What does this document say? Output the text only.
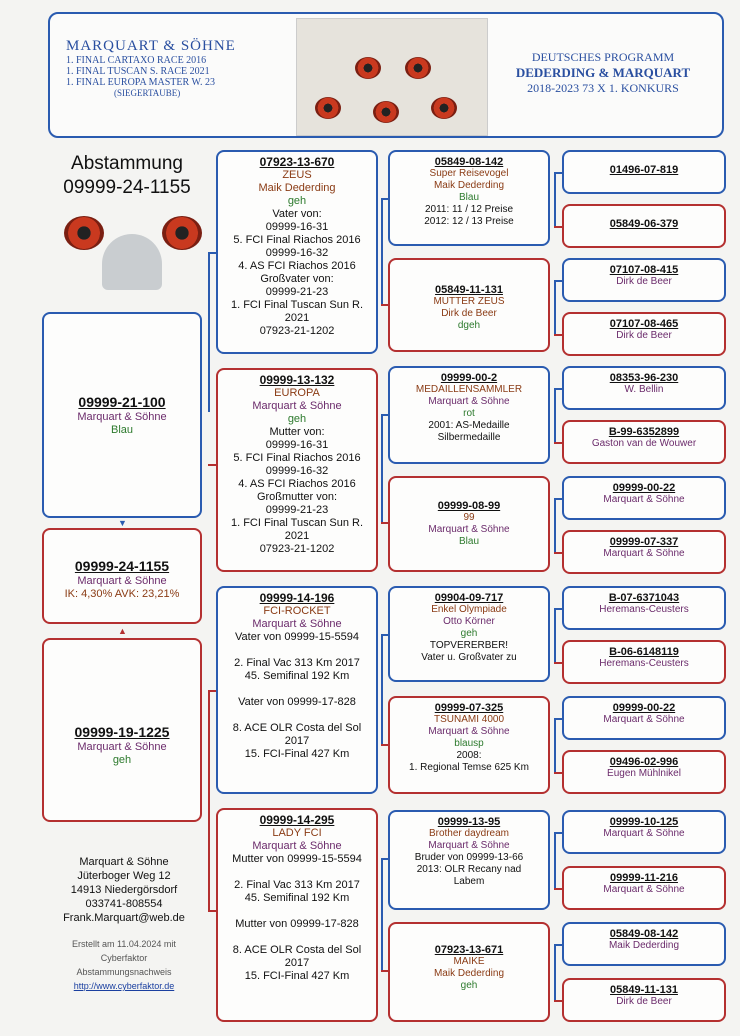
MARQUART & SÖHNE
1. FINAL CARTAXO RACE 2016
1. FINAL TUSCAN S. RACE 2021
1. FINAL EUROPA MASTER W. 23
(SIEGERTAUBE)
DEUTSCHES PROGRAMM
DEDERDING & MARQUART
2018-2023 73 X 1. KONKURS
Abstammung
09999-24-1155
09999-21-100
Marquart & Söhne
Blau
09999-24-1155
Marquart & Söhne
IK: 4,30% AVK: 23,21%
09999-19-1225
Marquart & Söhne
geh
▼
▲
07923-13-670
ZEUS
Maik Dederding
geh
Vater von:
09999-16-31
5. FCI Final Riachos 2016
09999-16-32
4. AS FCI Riachos 2016
Großvater von:
09999-21-23
1. FCI Final Tuscan Sun R.
2021
07923-21-1202
09999-13-132
EUROPA
Marquart & Söhne
geh
Mutter von:
09999-16-31
5. FCI Final Riachos 2016
09999-16-32
4. AS FCI Riachos 2016
Großmutter von:
09999-21-23
1. FCI Final Tuscan Sun R.
2021
07923-21-1202
09999-14-196
FCI-ROCKET
Marquart & Söhne
Vater von 09999-15-5594

2. Final Vac 313 Km 2017
45. Semifinal 192 Km

Vater von 09999-17-828

8. ACE OLR Costa del Sol
2017
15. FCI-Final 427 Km
09999-14-295
LADY FCI
Marquart & Söhne
Mutter von 09999-15-5594

2. Final Vac 313 Km 2017
45. Semifinal 192 Km

Mutter von 09999-17-828

8. ACE OLR Costa del Sol
2017
15. FCI-Final 427 Km
05849-08-142
Super Reisevogel
Maik Dederding
Blau
2011: 11 / 12 Preise
2012: 12 / 13 Preise
05849-11-131
MUTTER ZEUS
Dirk de Beer
dgeh
09999-00-2
MEDAILLENSAMMLER
Marquart & Söhne
rot
2001: AS-Medaille
Silbermedaille
09999-08-99
99
Marquart & Söhne
Blau
09904-09-717
Enkel Olympiade
Otto Körner
geh
TOPVERERBER!
Vater u. Großvater zu
09999-07-325
TSUNAMI 4000
Marquart & Söhne
blausp
2008:
1. Regional Temse 625 Km
09999-13-95
Brother daydream
Marquart & Söhne
Bruder von 09999-13-66
2013: OLR Recany nad
Labem
07923-13-671
MAIKE
Maik Dederding
geh
01496-07-819
05849-06-379
07107-08-415
Dirk de Beer
07107-08-465
Dirk de Beer
08353-96-230
W. Bellin
B-99-6352899
Gaston van de Wouwer
09999-00-22
Marquart & Söhne
09999-07-337
Marquart & Söhne
B-07-6371043
Heremans-Ceusters
B-06-6148119
Heremans-Ceusters
09999-00-22
Marquart & Söhne
09496-02-996
Eugen Mühlnikel
09999-10-125
Marquart & Söhne
09999-11-216
Marquart & Söhne
05849-08-142
Maik Dederding
05849-11-131
Dirk de Beer
Marquart & Söhne
Jüterboger Weg 12
14913 Niedergörsdorf
033741-808554
Frank.Marquart@web.de
Erstellt am 11.04.2024 mit
Cyberfaktor
Abstammungsnachweis
http://www.cyberfaktor.de
